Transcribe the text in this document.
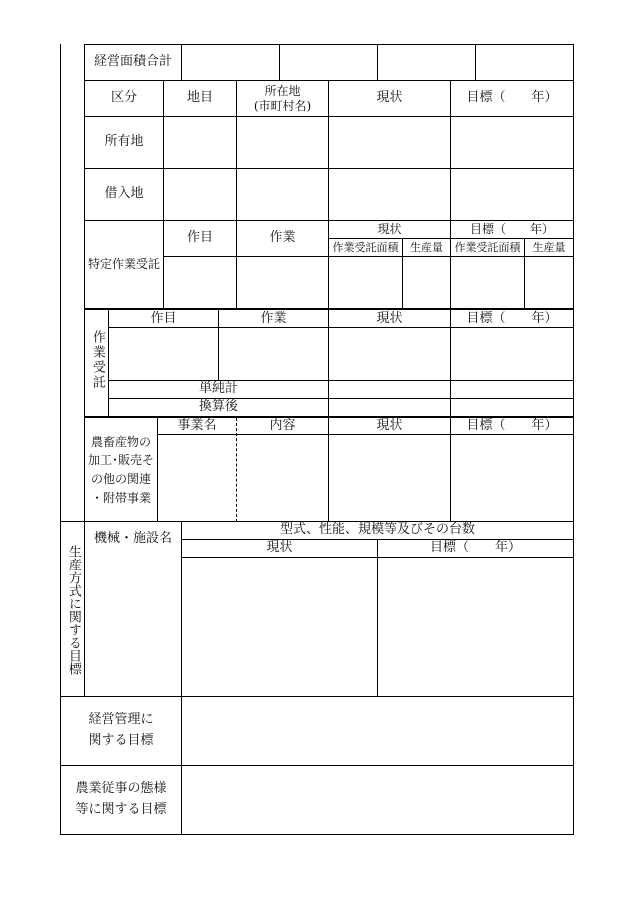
経営面積合計
区分	地目	所在地
(市町村名)
現状	目標（　　年）
所有地
借入地
特定作業受託
作目	作業
現状	目標（　　年）
作業受託面積	生産量	作業受託面積	生産量
作業受託
作目	作業	現状	目標（　　年）
単純計
換算後
農畜産物の
加工･販売そ
の他の関連
・附帯事業
事業名	内容	現状	目標（　　年）
生産方式に関する目標
機械・施設名
型式、性能、規模等及びその台数
現状	目標（　　年）
経営管理に
関する目標
農業従事の態様
等に関する目標
